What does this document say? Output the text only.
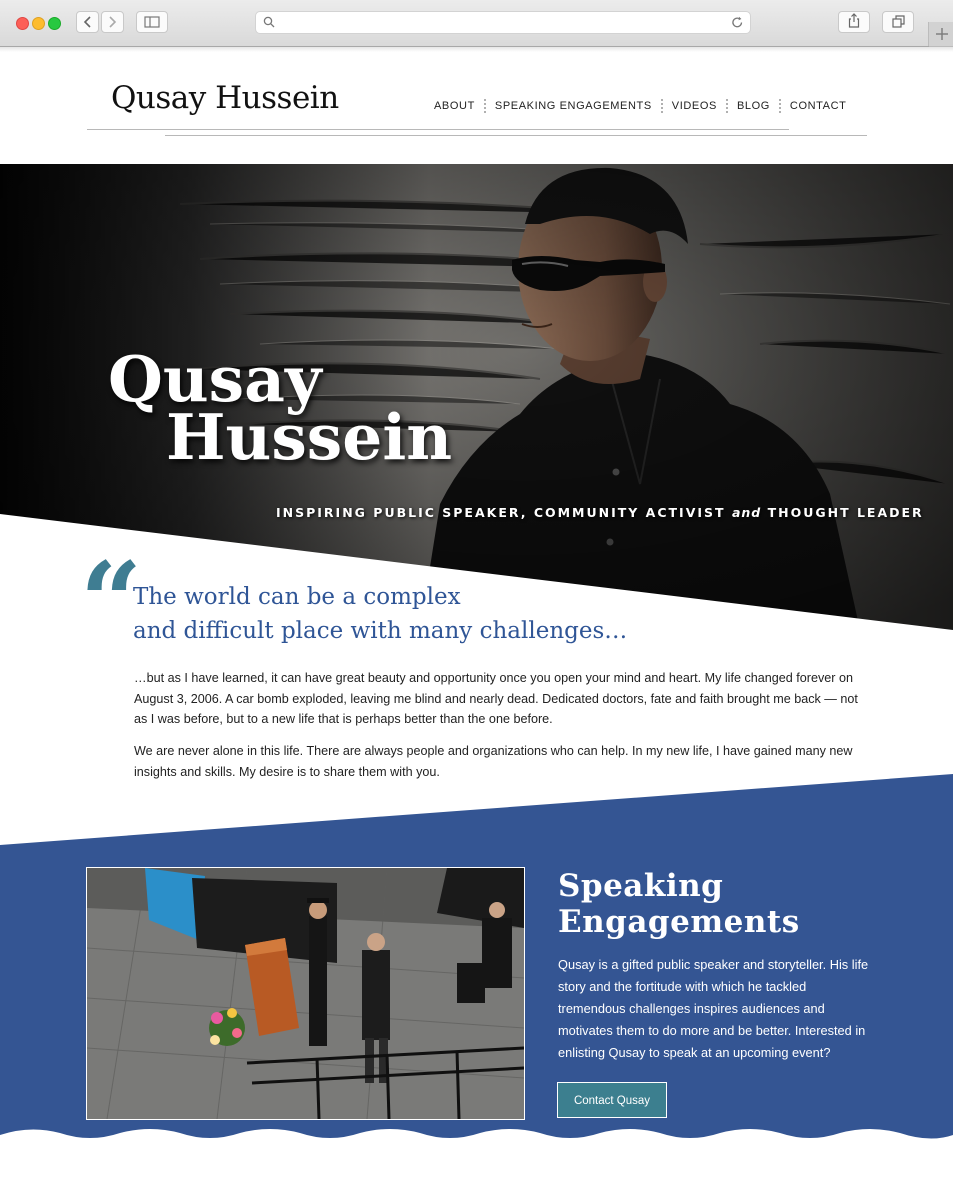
Qusay Hussein	ABOUT	SPEAKING ENGAGEMENTS	VIDEOS	BLOG	CONTACT
Qusay
Hussein
INSPIRING PUBLIC SPEAKER, COMMUNITY ACTIVIST and THOUGHT LEADER
“
The world can be a complex
and difficult place with many challenges…

…but as I have learned, it can have great beauty and opportunity once you open your mind and heart. My life changed forever on August 3, 2006. A car bomb exploded, leaving me blind and nearly dead. Dedicated doctors, fate and faith brought me back — not as I was before, but to a new life that is perhaps better than the one before.

We are never alone in this life. There are always people and organizations who can help. In my new life, I have gained many new insights and skills. My desire is to share them with you.

Speaking
Engagements
Qusay is a gifted public speaker and storyteller. His life story and the fortitude with which he tackled tremendous challenges inspires audiences and motivates them to do more and be better. Interested in enlisting Qusay to speak at an upcoming event?
Contact Qusay
